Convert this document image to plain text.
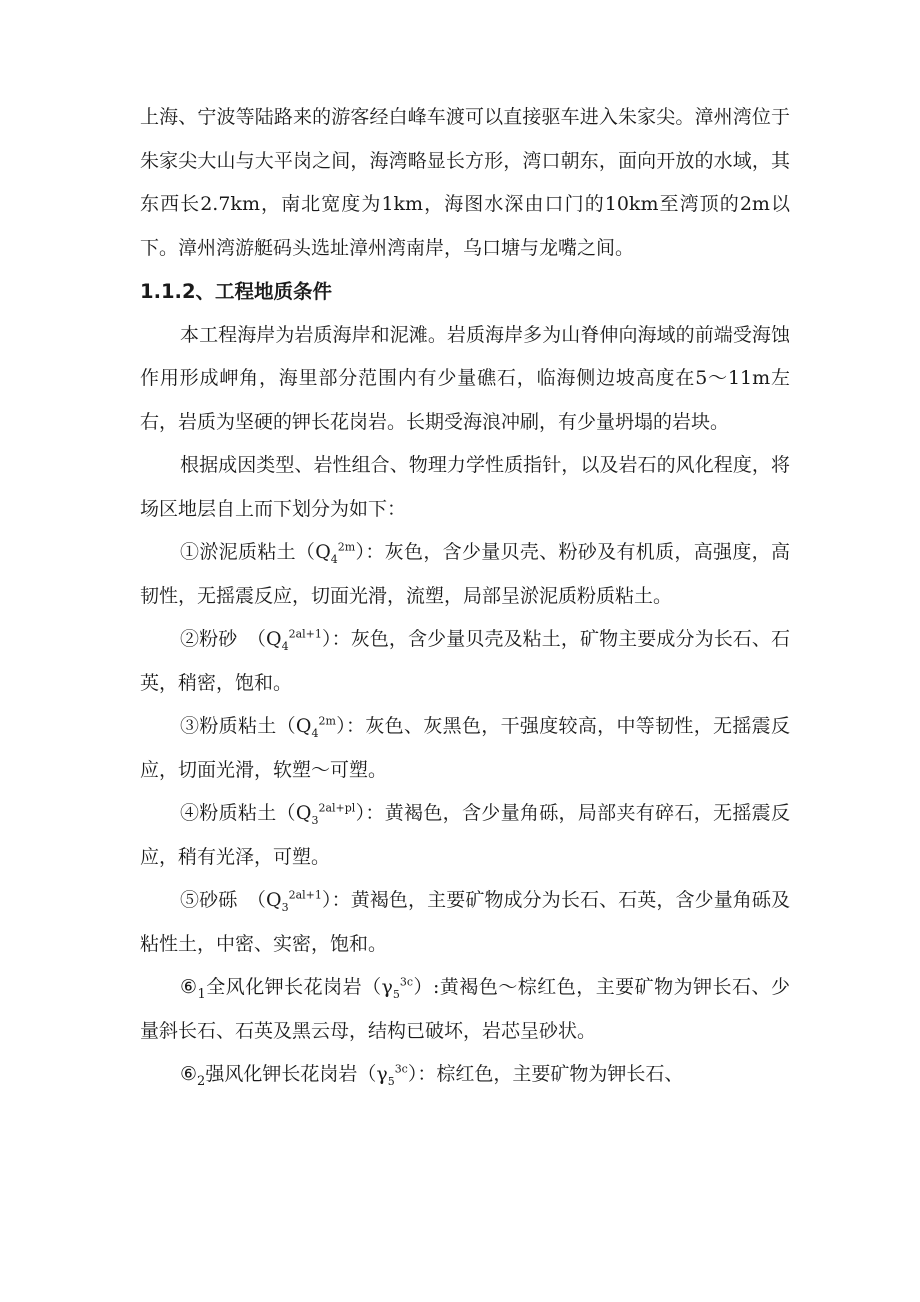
上海、宁波等陆路来的游客经白峰车渡可以直接驱车进入朱家尖。漳州湾位于朱家尖大山与大平岗之间，海湾略显长方形，湾口朝东，面向开放的水域，其东西长2.7km，南北宽度为1km，海图水深由口门的10km至湾顶的2m以下。漳州湾游艇码头选址漳州湾南岸，乌口塘与龙嘴之间。

1.1.2、工程地质条件

本工程海岸为岩质海岸和泥滩。岩质海岸多为山脊伸向海域的前端受海蚀作用形成岬角，海里部分范围内有少量礁石，临海侧边坡高度在5～11m左右，岩质为坚硬的钾长花岗岩。长期受海浪冲刷，有少量坍塌的岩块。

根据成因类型、岩性组合、物理力学性质指针，以及岩石的风化程度，将场区地层自上而下划分为如下：

①淤泥质粘土$(Q_4^{2m})$：灰色，含少量贝壳、粉砂及有机质，高强度，高韧性，无摇震反应，切面光滑，流塑，局部呈淤泥质粉质粘土。

②粉砂　$(Q_4^{2al+1})$：灰色，含少量贝壳及粘土，矿物主要成分为长石、石英，稍密，饱和。

③粉质粘土$(Q_4^{2m})$：灰色、灰黑色，干强度较高，中等韧性，无摇震反应，切面光滑，软塑～可塑。

④粉质粘土$(Q_3^{2al+pl})$：黄褐色，含少量角砾，局部夹有碎石，无摇震反应，稍有光泽，可塑。

⑤砂砾　$(Q_3^{2al+1})$：黄褐色，主要矿物成分为长石、石英，含少量角砾及粘性土，中密、实密，饱和。

$⑥_1$全风化钾长花岗岩$(\gamma_5^{3c})$:黄褐色～棕红色，主要矿物为钾长石、少量斜长石、石英及黑云母，结构已破坏，岩芯呈砂状。

$⑥_2$强风化钾长花岗岩$(\gamma_5^{3c})$：棕红色，主要矿物为钾长石、
